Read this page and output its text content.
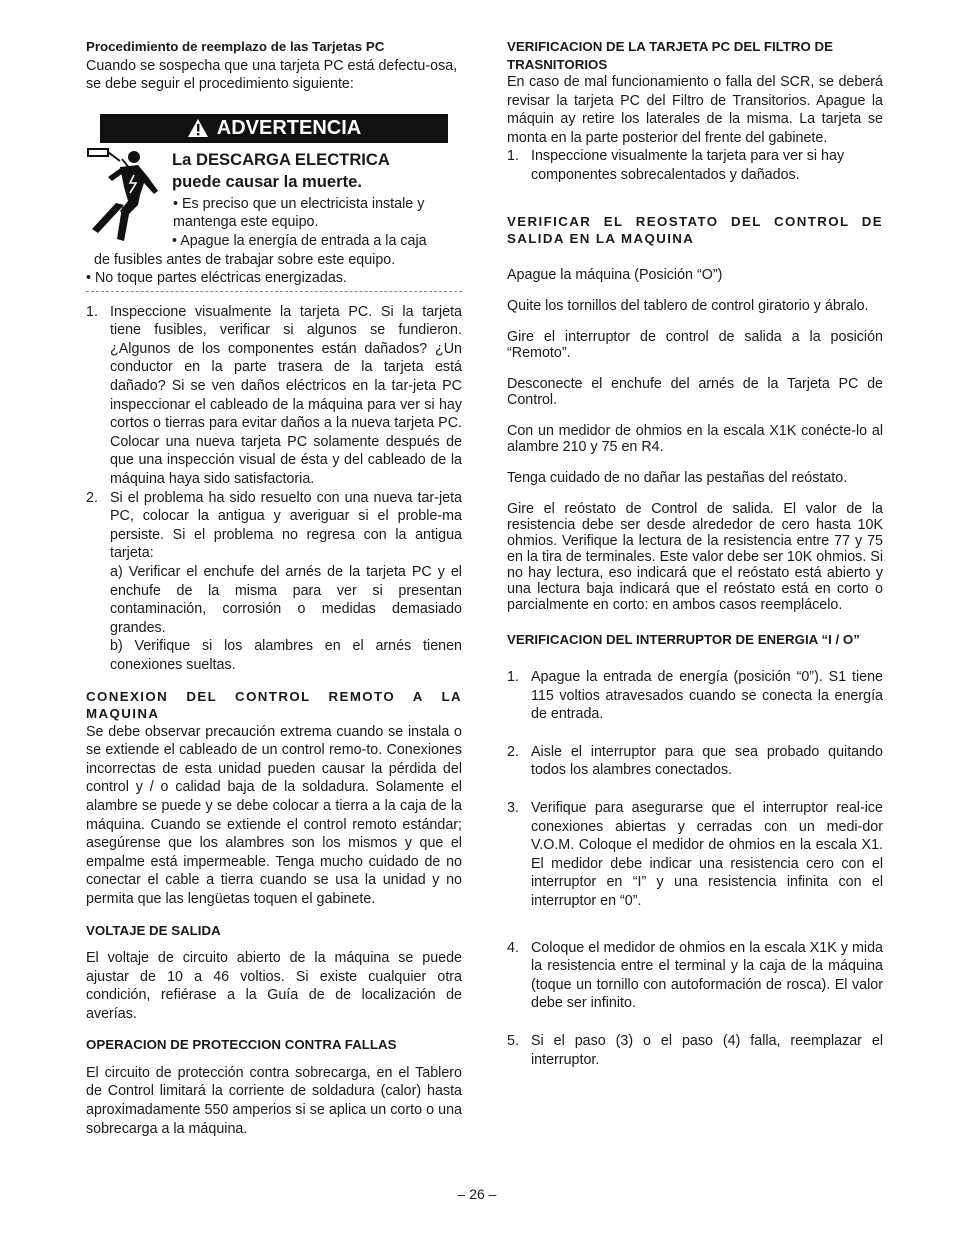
Procedimiento de reemplazo de las Tarjetas PC

Cuando se sospecha que una tarjeta PC está defectu-osa, se debe seguir el procedimiento siguiente:

ADVERTENCIA
La DESCARGA ELECTRICA
puede causar la muerte.
• Es preciso que un electricista instale y mantenga este equipo.
• Apague la energía de entrada a la caja
de fusibles antes de trabajar sobre este equipo.
• No toque partes eléctricas energizadas.
1. Inspeccione visualmente la tarjeta PC. Si la tarjeta tiene fusibles, verificar si algunos se fundieron. ¿Algunos de los componentes están dañados? ¿Un conductor en la parte trasera de la tarjeta está dañado? Si se ven daños eléctricos en la tar-jeta PC inspeccionar el cableado de la máquina para ver si hay cortos o tierras para evitar daños a la nueva tarjeta PC. Colocar una nueva tarjeta PC solamente después de que una inspección visual de ésta y del cableado de la máquina haya sido satisfactoria.
2. Si el problema ha sido resuelto con una nueva tar-jeta PC, colocar la antigua y averiguar si el proble-ma persiste. Si el problema no regresa con la antigua tarjeta:

a) Verificar el enchufe del arnés de la tarjeta PC y el enchufe de la misma para ver si presentan contaminación, corrosión o medidas demasiado grandes.

b) Verifique si los alambres en el arnés tienen conexiones sueltas.

CONEXION DEL CONTROL REMOTO A LA MAQUINA

Se debe observar precaución extrema cuando se instala o se extiende el cableado de un control remo-to. Conexiones incorrectas de esta unidad pueden causar la pérdida del control y / o calidad baja de la soldadura. Solamente el alambre se puede y se debe colocar a tierra a la caja de la máquina. Cuando se extiende el control remoto estándar; asegúrense que los alambres son los mismos y que el empalme está impermeable. Tenga mucho cuidado de no conectar el cable a tierra cuando se usa la unidad y no permita que las lengüetas toquen el gabinete.

VOLTAJE DE SALIDA

El voltaje de circuito abierto de la máquina se puede ajustar de 10 a 46 voltios. Si existe cualquier otra condición, refiérase a la Guía de de localización de averías.

OPERACION DE PROTECCION CONTRA FALLAS

El circuito de protección contra sobrecarga, en el Tablero de Control limitará la corriente de soldadura (calor) hasta aproximadamente 550 amperios si se aplica un corto o una sobrecarga a la máquina.

VERIFICACION DE LA TARJETA PC DEL FILTRO DE TRASNITORIOS

En caso de mal funcionamiento o falla del SCR, se deberá revisar la tarjeta PC del Filtro de Transitorios. Apague la máquin ay retire los laterales de la misma. La tarjeta se monta en la parte posterior del frente del gabinete.

1. Inspeccione visualmente la tarjeta para ver si hay componentes sobrecalentados y dañados.

VERIFICAR EL REOSTATO DEL CONTROL DE SALIDA EN LA MAQUINA

Apague la máquina (Posición “O”)

Quite los tornillos del tablero de control giratorio y ábralo.

Gire el interruptor de control de salida a la posición “Remoto”.

Desconecte el enchufe del arnés de la Tarjeta PC de Control.

Con un medidor de ohmios en la escala X1K conécte-lo al alambre 210 y 75 en R4.

Tenga cuidado de no dañar las pestañas del reóstato.

Gire el reóstato de Control de salida. El valor de la resistencia debe ser desde alrededor de cero hasta 10K ohmios. Verifique la lectura de la resistencia entre 77 y 75 en la tira de terminales. Este valor debe ser 10K ohmios. Si no hay lectura, eso indicará que el reóstato está abierto y una lectura baja indicará que el reóstato está en corto o parcialmente en corto: en ambos casos reemplácelo.

VERIFICACION DEL INTERRUPTOR DE ENERGIA “I / O”

1. Apague la entrada de energía (posición “0”). S1 tiene 115 voltios atravesados cuando se conecta la energía de entrada.
2. Aisle el interruptor para que sea probado quitando todos los alambres conectados.
3. Verifique para asegurarse que el interruptor real-ice conexiones abiertas y cerradas con un medi-dor V.O.M. Coloque el medidor de ohmios en la escala X1. El medidor debe indicar una resistencia cero con el interruptor en “I” y una resistencia infinita con el interruptor en “0”.
4. Coloque el medidor de ohmios en la escala X1K y mida la resistencia entre el terminal y la caja de la máquina (toque un tornillo con autoformación de rosca). El valor debe ser infinito.
5. Si el paso (3) o el paso (4) falla, reemplazar el interruptor.
– 26 –
